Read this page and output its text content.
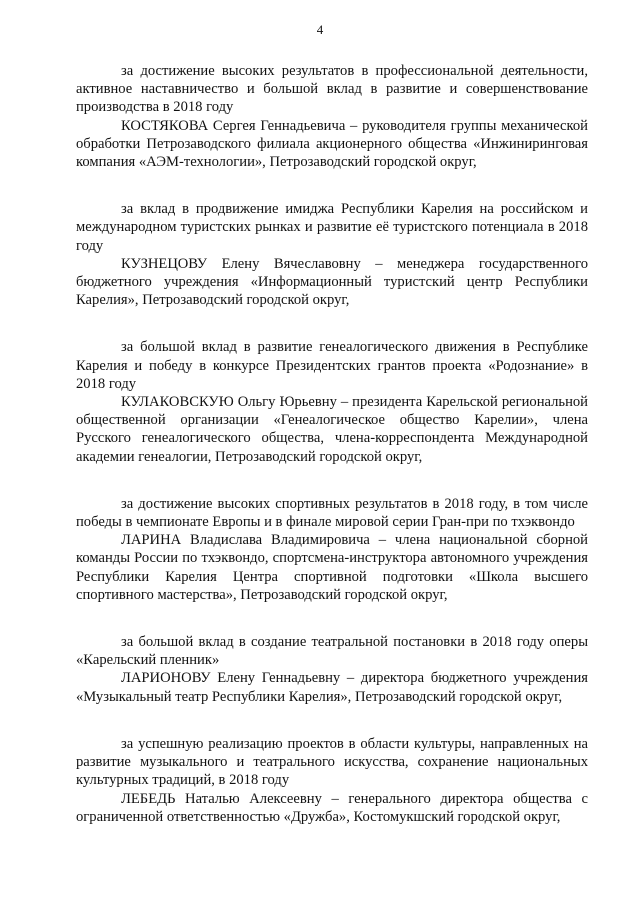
4

за достижение высоких результатов в профессиональной деятельности, активное наставничество и большой вклад в развитие и совершенствование производства в 2018 году

КОСТЯКОВА Сергея Геннадьевича – руководителя группы механической обработки Петрозаводского филиала акционерного общества «Инжиниринговая компания «АЭМ-технологии», Петрозаводский городской округ,

за вклад в продвижение имиджа Республики Карелия на российском и международном туристских рынках и развитие её туристского потенциала в 2018 году

КУЗНЕЦОВУ Елену Вячеславовну – менеджера государственного бюджетного учреждения «Информационный туристский центр Республики Карелия», Петрозаводский городской округ,

за большой вклад в развитие генеалогического движения в Республике Карелия и победу в конкурсе Президентских грантов проекта «Родознание» в 2018 году

КУЛАКОВСКУЮ Ольгу Юрьевну – президента Карельской региональной общественной организации «Генеалогическое общество Карелии», члена Русского генеалогического общества, члена-корреспондента Международной академии генеалогии, Петрозаводский городской округ,

за достижение высоких спортивных результатов в 2018 году, в том числе победы в чемпионате Европы и в финале мировой серии Гран-при по тхэквондо

ЛАРИНА Владислава Владимировича – члена национальной сборной команды России по тхэквондо, спортсмена-инструктора автономного учреждения Республики Карелия Центра спортивной подготовки «Школа высшего спортивного мастерства», Петрозаводский городской округ,

за большой вклад в создание театральной постановки в 2018 году оперы «Карельский пленник»

ЛАРИОНОВУ Елену Геннадьевну – директора бюджетного учреждения «Музыкальный театр Республики Карелия», Петрозаводский городской округ,

за успешную реализацию проектов в области культуры, направленных на развитие музыкального и театрального искусства, сохранение национальных культурных традиций, в 2018 году

ЛЕБЕДЬ Наталью Алексеевну – генерального директора общества с ограниченной ответственностью «Дружба», Костомукшский городской округ,
